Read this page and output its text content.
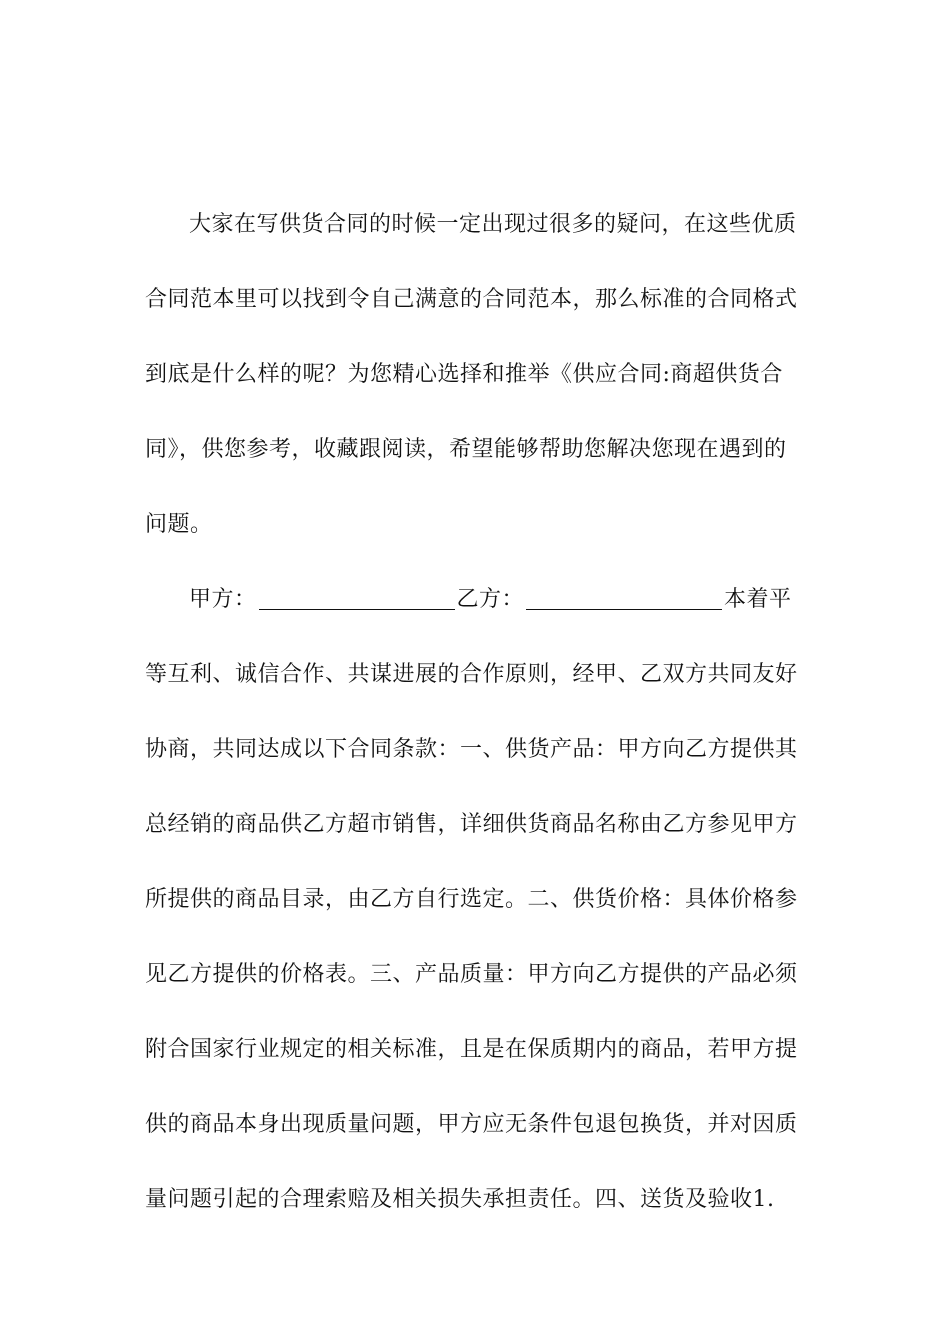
大家在写供货合同的时候一定出现过很多的疑问，在这些优质
合同范本里可以找到令自己满意的合同范本，那么标准的合同格式
到底是什么样的呢？为您精心选择和推举《供应合同:商超供货合
同》，供您参考，收藏跟阅读，希望能够帮助您解决您现在遇到的
问题。
甲方：	乙方：	本着平
等互利、诚信合作、共谋进展的合作原则，经甲、乙双方共同友好
协商，共同达成以下合同条款：一、供货产品：甲方向乙方提供其
总经销的商品供乙方超市销售，详细供货商品名称由乙方参见甲方
所提供的商品目录，由乙方自行选定。二、供货价格：具体价格参
见乙方提供的价格表。三、产品质量：甲方向乙方提供的产品必须
附合国家行业规定的相关标准，且是在保质期内的商品，若甲方提
供的商品本身出现质量问题，甲方应无条件包退包换货，并对因质
量问题引起的合理索赔及相关损失承担责任。四、送货及验收1.
